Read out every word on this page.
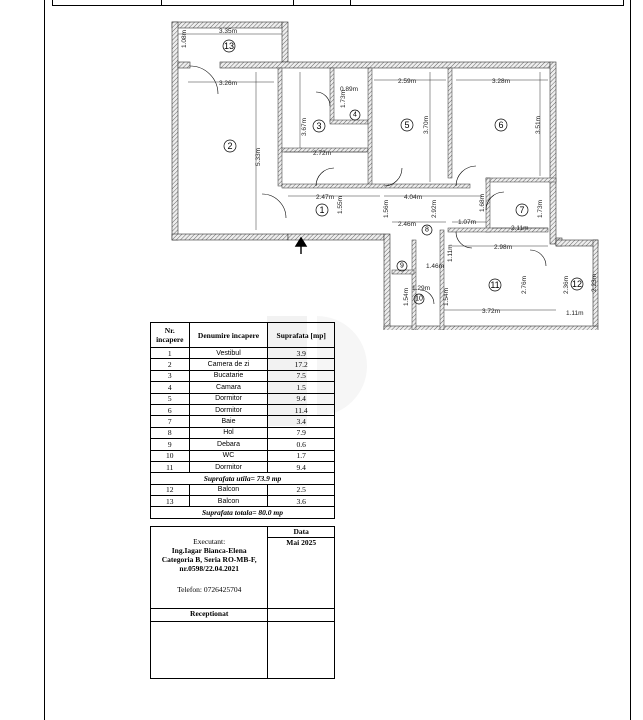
3.35m
1.08m
3.26m
5.33m
3.67m
2.72m
0.89m
1.73m
2.59m
3.70m
3.28m
3.51m
2.47m 1.55m	4.04m
1.56m
2.46m
2.92m
1.07m
1.68m	1.73m
2.11m
2.98m
1.11m
1.29m
1.46m
1.54m	1.54m
2.76m
3.72m
2.36m	2.23m
1.11m
1
2
3
4
5	6
7
8
9
10
11	12
13
Nr. incapere	Denumire incapere	Suprafata [mp]
1	Vestibul	3.9
2	Camera de zi	17.2
3	Bucatarie	7.5
4	Camara	1.5
5	Dormitor	9.4
6	Dormitor	11.4
7	Baie	3.4
8	Hol	7.9
9	Debara	0.6
10	WC	1.7
11	Dormitor	9.4
Suprafata utila= 73.9 mp		
12	Balcon	2.5
13	Balcon	3.6
Suprafata totala= 80.0 mp		
Executant:
Ing.Iagar Bianca-Elena
Categoria B, Seria RO-MB-F,
nr.0598/22.04.2021
Telefon: 0726425704	Data
	Mai 2025
Receptionat	
